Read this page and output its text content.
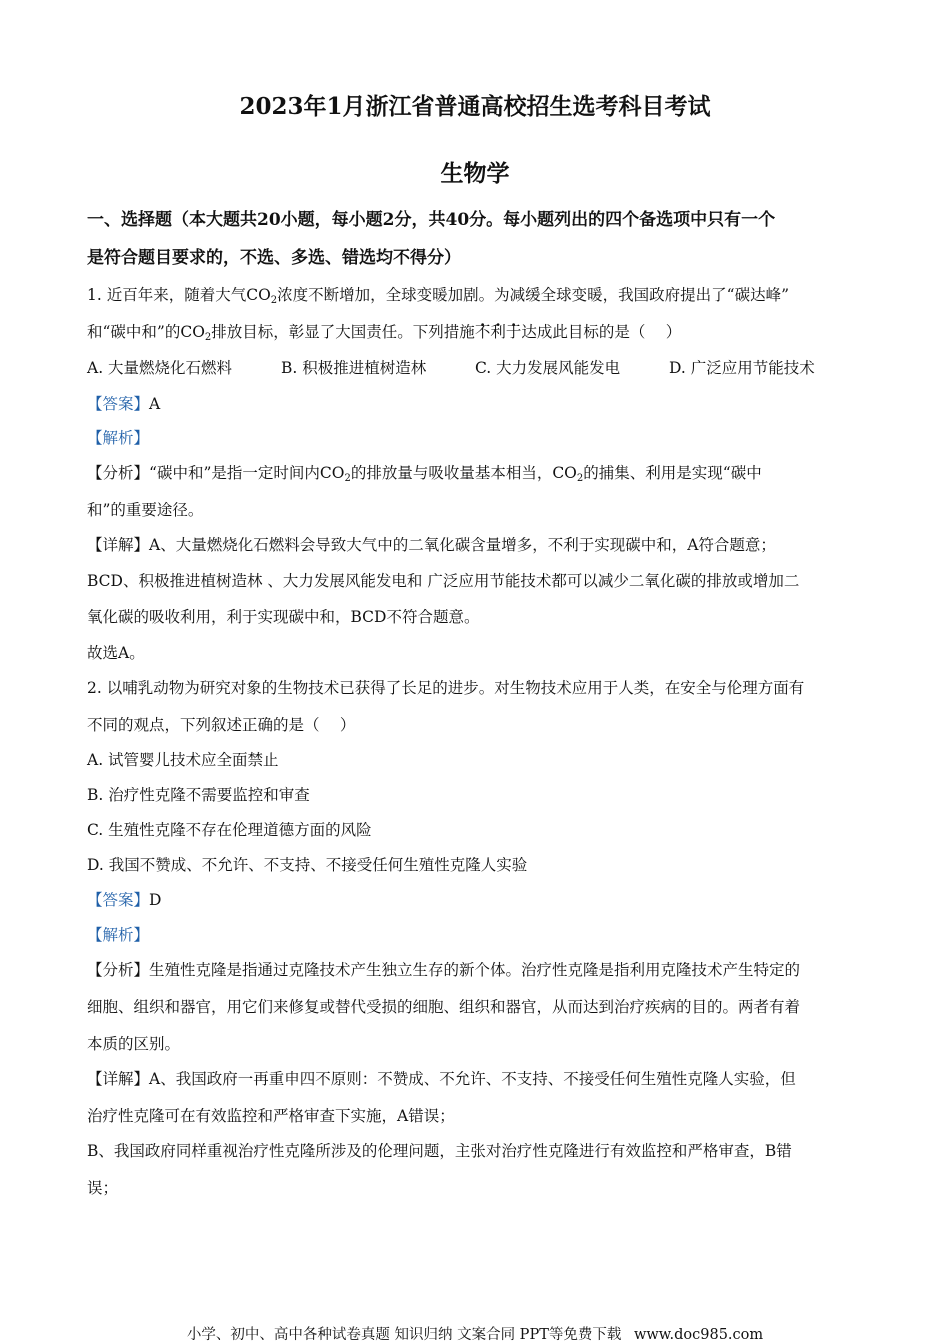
2023年1月浙江省普通高校招生选考科目考试
生物学
一、选择题（本大题共20小题，每小题2分，共40分。每小题列出的四个备选项中只有一个
是符合题目要求的，不选、多选、错选均不得分）
1. 近百年来，随着大气$CO_2$浓度不断增加，全球变暖加剧。为减缓全球变暖，我国政府提出了“碳达峰”
和“碳中和”的$CO_2$排放目标，彰显了大国责任。下列措施不利于达成此目标的是（　 ）
A. 大量燃烧化石燃料	B. 积极推进植树造林	C. 大力发展风能发电	D. 广泛应用节能技术
【答案】A
【解析】
【分析】“碳中和”是指一定时间内$CO_2$的排放量与吸收量基本相当，$CO_2$的捕集、利用是实现“碳中
和”的重要途径。
【详解】A、大量燃烧化石燃料会导致大气中的二氧化碳含量增多，不利于实现碳中和，A符合题意；
BCD、积极推进植树造林 、大力发展风能发电和 广泛应用节能技术都可以减少二氧化碳的排放或增加二
氧化碳的吸收利用，利于实现碳中和，BCD不符合题意。
故选A。
2. 以哺乳动物为研究对象的生物技术已获得了长足的进步。对生物技术应用于人类，在安全与伦理方面有
不同的观点，下列叙述正确的是（　 ）
A. 试管婴儿技术应全面禁止
B. 治疗性克隆不需要监控和审查
C. 生殖性克隆不存在伦理道德方面的风险
D. 我国不赞成、不允许、不支持、不接受任何生殖性克隆人实验
【答案】D
【解析】
【分析】生殖性克隆是指通过克隆技术产生独立生存的新个体。治疗性克隆是指利用克隆技术产生特定的
细胞、组织和器官，用它们来修复或替代受损的细胞、组织和器官，从而达到治疗疾病的目的。两者有着
本质的区别。
【详解】A、我国政府一再重申四不原则：不赞成、不允许、不支持、不接受任何生殖性克隆人实验，但
治疗性克隆可在有效监控和严格审查下实施，A错误；
B、我国政府同样重视治疗性克隆所涉及的伦理问题，主张对治疗性克隆进行有效监控和严格审查，B错
误；
小学、初中、高中各种试卷真题 知识归纳 文案合同 PPT等免费下载 www.doc985.com
